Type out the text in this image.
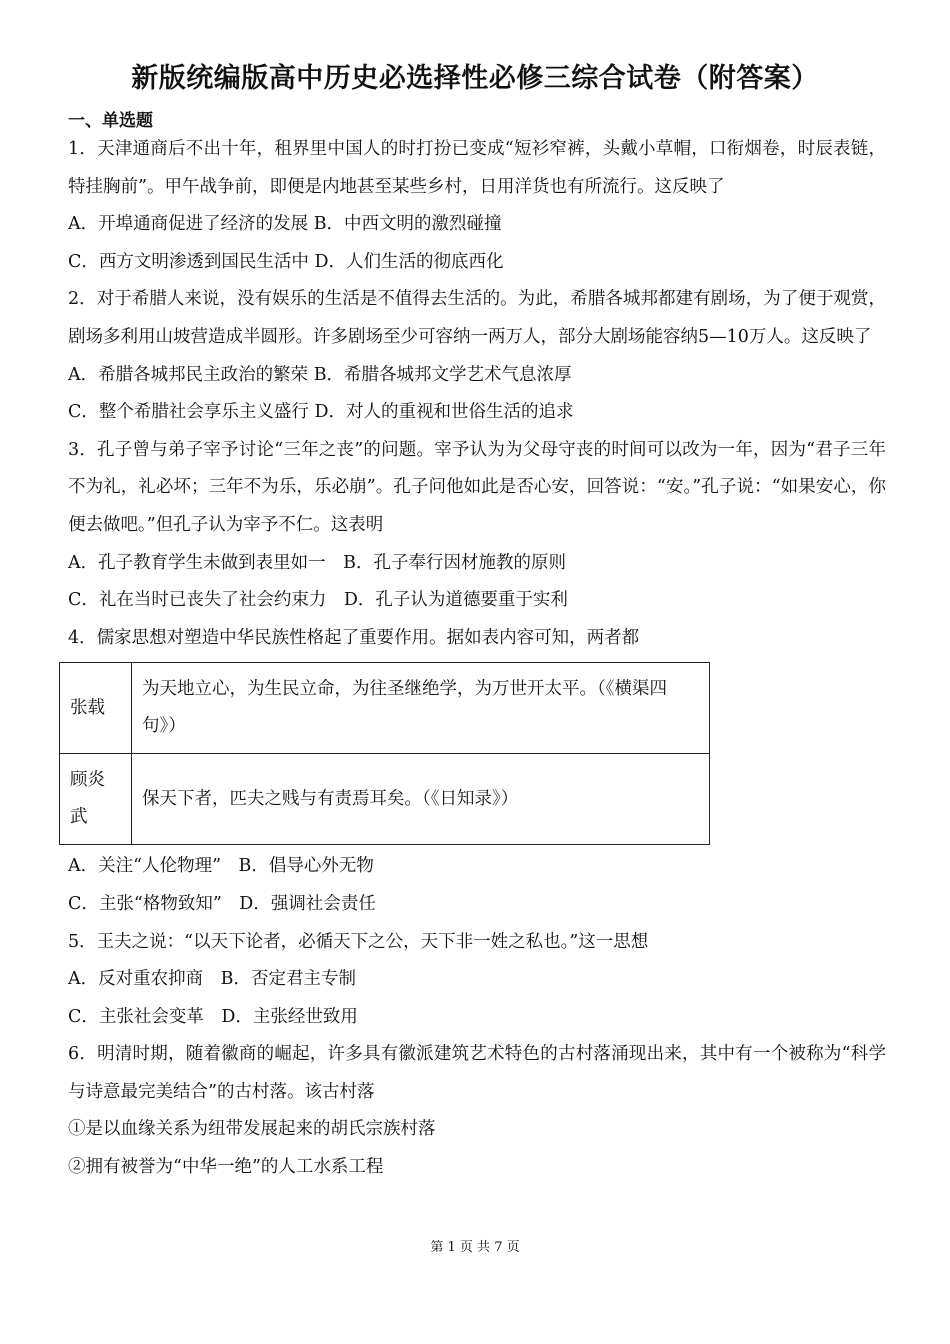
新版统编版高中历史必选择性必修三综合试卷（附答案）
一、单选题

1．天津通商后不出十年，租界里中国人的时打扮已变成“短衫窄裤，头戴小草帽，口衔烟卷，时辰表链，特挂胸前”。甲午战争前，即便是内地甚至某些乡村，日用洋货也有所流行。这反映了

A．开埠通商促进了经济的发展 B．中西文明的激烈碰撞

C．西方文明渗透到国民生活中 D．人们生活的彻底西化

2．对于希腊人来说，没有娱乐的生活是不值得去生活的。为此，希腊各城邦都建有剧场，为了便于观赏，剧场多利用山坡营造成半圆形。许多剧场至少可容纳一两万人，部分大剧场能容纳5—10万人。这反映了

A．希腊各城邦民主政治的繁荣 B．希腊各城邦文学艺术气息浓厚

C．整个希腊社会享乐主义盛行 D．对人的重视和世俗生活的追求

3．孔子曾与弟子宰予讨论“三年之丧”的问题。宰予认为为父母守丧的时间可以改为一年，因为“君子三年不为礼，礼必坏；三年不为乐，乐必崩”。孔子问他如此是否心安，回答说：“安。”孔子说：“如果安心，你便去做吧。”但孔子认为宰予不仁。这表明

A．孔子教育学生未做到表里如一　B．孔子奉行因材施教的原则

C．礼在当时已丧失了社会约束力　D．孔子认为道德要重于实利

4．儒家思想对塑造中华民族性格起了重要作用。据如表内容可知，两者都

张载	为天地立心，为生民立命，为往圣继绝学，为万世开太平。（《横渠四句》）
顾炎武	保天下者，匹夫之贱与有责焉耳矣。（《日知录》）

A．关注“人伦物理”　B．倡导心外无物

C．主张“格物致知”　D．强调社会责任

5．王夫之说：“以天下论者，必循天下之公，天下非一姓之私也。”这一思想

A．反对重农抑商　B．否定君主专制

C．主张社会变革　D．主张经世致用

6．明清时期，随着徽商的崛起，许多具有徽派建筑艺术特色的古村落涌现出来，其中有一个被称为“科学与诗意最完美结合”的古村落。该古村落

①是以血缘关系为纽带发展起来的胡氏宗族村落

②拥有被誉为“中华一绝”的人工水系工程

第 1 页 共 7 页
